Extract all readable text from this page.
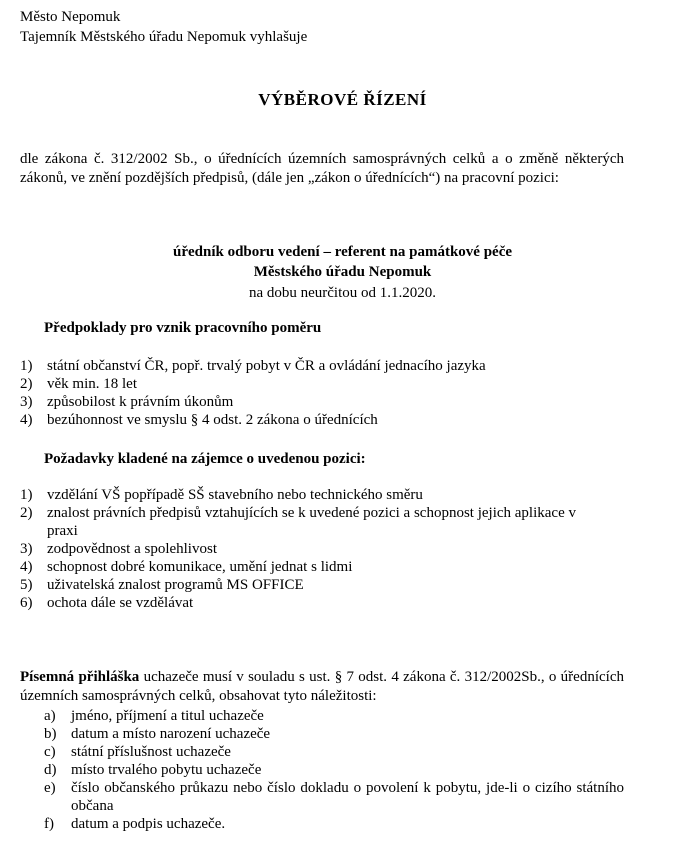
Město Nepomuk
Tajemník Městského úřadu Nepomuk vyhlašuje
VÝBĚROVÉ ŘÍZENÍ
dle zákona č. 312/2002 Sb., o úřednících územních samosprávných celků a o změně některých zákonů, ve znění pozdějších předpisů, (dále jen „zákon o úřednících“) na pracovní pozici:
úředník odboru vedení – referent na památkové péče
Městského úřadu Nepomuk
na dobu neurčitou od 1.1.2020.
Předpoklady pro vznik pracovního poměru
1) státní občanství ČR, popř. trvalý pobyt v ČR a ovládání jednacího jazyka
2) věk min. 18 let
3) způsobilost k právním úkonům
4) bezúhonnost ve smyslu § 4 odst. 2 zákona o úřednících
Požadavky kladené na zájemce o uvedenou pozici:
1) vzdělání VŠ popřípadě SŠ stavebního nebo technického směru
2) znalost právních předpisů vztahujících se k uvedené pozici a schopnost jejich aplikace v praxi
3) zodpovědnost a spolehlivost
4) schopnost dobré komunikace, umění jednat s lidmi
5) uživatelská znalost programů MS OFFICE
6) ochota dále se vzdělávat
Písemná přihláška uchazeče musí v souladu s ust. § 7 odst. 4 zákona č. 312/2002Sb., o úřednících územních samosprávných celků, obsahovat tyto náležitosti:
a) jméno, příjmení a titul uchazeče
b) datum a místo narození uchazeče
c) státní příslušnost uchazeče
d) místo trvalého pobytu uchazeče
e) číslo občanského průkazu nebo číslo dokladu o povolení k pobytu, jde-li o cizího státního občana
f) datum a podpis uchazeče.
